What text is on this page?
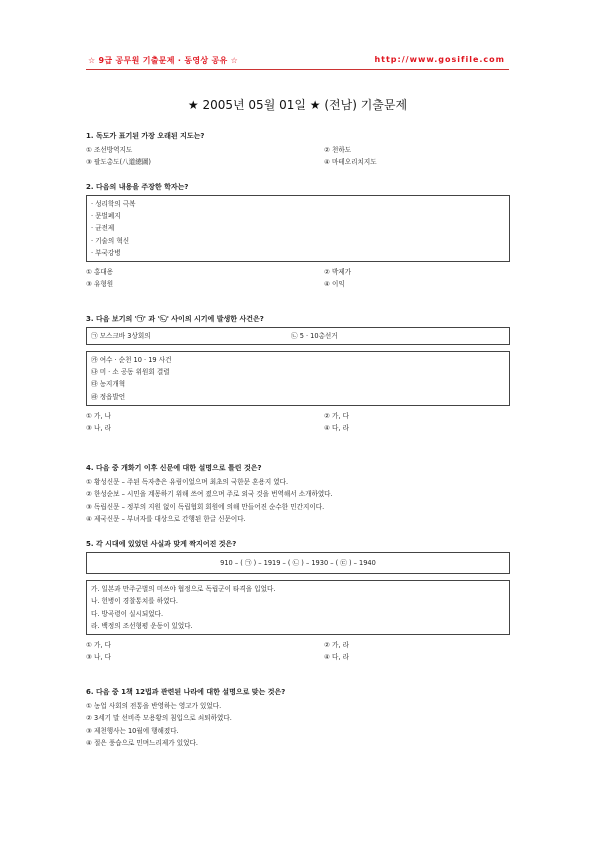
☆ 9급 공무원 기출문제 · 동영상 공유 ☆	http://www.gosifile.com
★ 2005년 05월 01일 ★ (전남) 기출문제
1. 독도가 표기된 가장 오래된 지도는?
① 조선방역지도	② 천하도
③ 팔도총도(八道總圖)	④ 마테오리치지도
2. 다음의 내용을 주장한 학자는?
· 성리학의 극복
· 문벌폐지
· 균전제
· 기술의 혁신
· 부국강병
① 홍대용	② 박제가
③ 유형원	④ 이익
3. 다음 보기의 '㉠' 과 '㉡' 사이의 시기에 발생한 사건은?
㉠ 모스크바 3상회의	㉡ 5 · 10총선거
㉮ 여수 · 순천 10 · 19 사건
㉯ 미 · 소 공동 위원회 결렬
㉰ 농지개혁
㉱ 정읍발언
① 가, 나	② 가, 다
③ 나, 라	④ 다, 라
4. 다음 중 개화기 이후 신문에 대한 설명으로 틀린 것은?
① 황성신문 – 주된 독자층은 유림이었으며 최초의 국한문 혼용지 였다.
② 한성순보 – 시민을 계몽하기 위해 쓰여 졌으며 주로 외국 것을 번역해서 소개하였다.
③ 독립신문 – 정부의 지원 없이 독립협회 회원에 의해 만들어진 순수한 민간지이다.
④ 제국신문 – 부녀자를 대상으로 간행된 한글 신문이다.
5. 각 시대에 있었던 사실과 맞게 짝지어진 것은?
910 – ( ㉠ ) – 1919 – ( ㉡ ) – 1930 – ( ㉢ ) – 1940
가. 일본과 만주군벌의 미쓰야 협정으로 독립군이 타격을 입었다.
나. 헌병이 경찰통치를 하였다.
다. 방곡령이 실시되었다.
라. 백정의 조선형평 운동이 있었다.
① 가, 다	② 가, 라
③ 나, 다	④ 다, 라
6. 다음 중 1책 12법과 관련된 나라에 대한 설명으로 맞는 것은?
① 농업 사회의 전통을 반영하는 영고가 있었다.
② 3세기 말 선비족 모용황의 침입으로 쇠퇴하였다.
③ 제천행사는 10월에 행해졌다.
④ 절은 풍습으로 민며느리제가 있었다.
